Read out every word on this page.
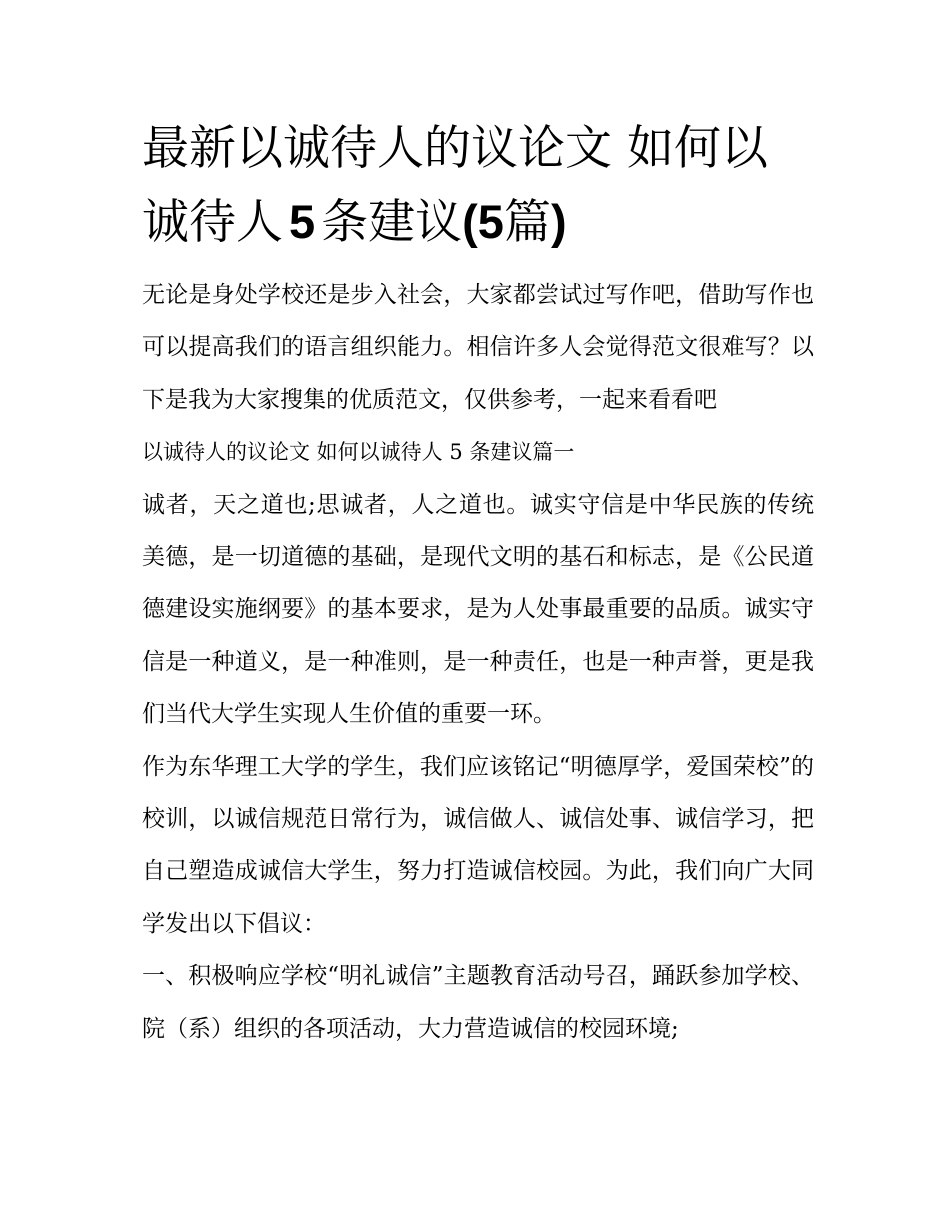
最新以诚待人的议论文 如何以
诚待人 5 条建议(5篇)

无论是身处学校还是步入社会，大家都尝试过写作吧，借助写作也可以提高我们的语言组织能力。相信许多人会觉得范文很难写？以下是我为大家搜集的优质范文，仅供参考，一起来看看吧

以诚待人的议论文 如何以诚待人 5 条建议篇一

诚者，天之道也;思诚者，人之道也。诚实守信是中华民族的传统美德，是一切道德的基础，是现代文明的基石和标志，是《公民道德建设实施纲要》的基本要求，是为人处事最重要的品质。诚实守信是一种道义，是一种准则，是一种责任，也是一种声誉，更是我们当代大学生实现人生价值的重要一环。

作为东华理工大学的学生，我们应该铭记“明德厚学，爱国荣校”的校训，以诚信规范日常行为，诚信做人、诚信处事、诚信学习，把自己塑造成诚信大学生，努力打造诚信校园。为此，我们向广大同学发出以下倡议：

一、积极响应学校“明礼诚信”主题教育活动号召，踊跃参加学校、院（系）组织的各项活动，大力营造诚信的校园环境;
